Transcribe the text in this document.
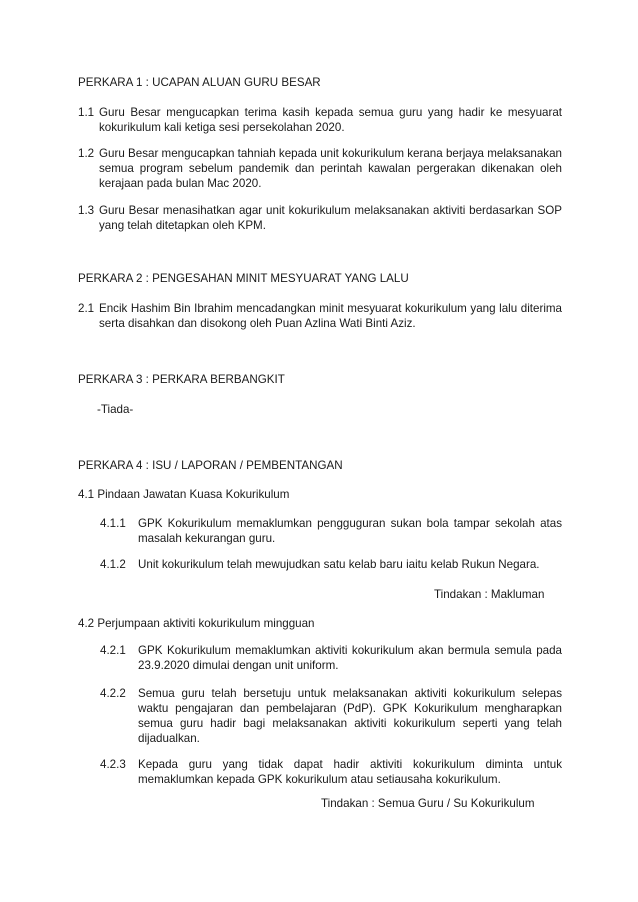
PERKARA 1 : UCAPAN ALUAN GURU BESAR
1.1 Guru Besar mengucapkan terima kasih kepada semua guru yang hadir ke mesyuarat kokurikulum kali ketiga sesi persekolahan 2020.
1.2 Guru Besar mengucapkan tahniah kepada unit kokurikulum kerana berjaya melaksanakan semua program sebelum pandemik dan perintah kawalan pergerakan dikenakan oleh kerajaan pada bulan Mac 2020.
1.3 Guru Besar menasihatkan agar unit kokurikulum melaksanakan aktiviti berdasarkan SOP yang telah ditetapkan oleh KPM.
PERKARA 2 : PENGESAHAN MINIT MESYUARAT YANG LALU
2.1 Encik Hashim Bin Ibrahim mencadangkan minit mesyuarat kokurikulum yang lalu diterima serta disahkan dan disokong oleh Puan Azlina Wati Binti Aziz.
PERKARA 3 : PERKARA BERBANGKIT
-Tiada-
PERKARA 4 : ISU / LAPORAN / PEMBENTANGAN
4.1 Pindaan Jawatan Kuasa Kokurikulum
4.1.1 GPK Kokurikulum memaklumkan pengguguran sukan bola tampar sekolah atas masalah kekurangan guru.
4.1.2 Unit kokurikulum telah mewujudkan satu kelab baru iaitu kelab Rukun Negara.
Tindakan : Makluman
4.2 Perjumpaan aktiviti kokurikulum mingguan
4.2.1 GPK Kokurikulum memaklumkan aktiviti kokurikulum akan bermula semula pada 23.9.2020 dimulai dengan unit uniform.
4.2.2 Semua guru telah bersetuju untuk melaksanakan aktiviti kokurikulum selepas waktu pengajaran dan pembelajaran (PdP). GPK Kokurikulum mengharapkan semua guru hadir bagi melaksanakan aktiviti kokurikulum seperti yang telah dijadualkan.
4.2.3 Kepada guru yang tidak dapat hadir aktiviti kokurikulum diminta untuk memaklumkan kepada GPK kokurikulum atau setiausaha kokurikulum.
Tindakan : Semua Guru / Su Kokurikulum
